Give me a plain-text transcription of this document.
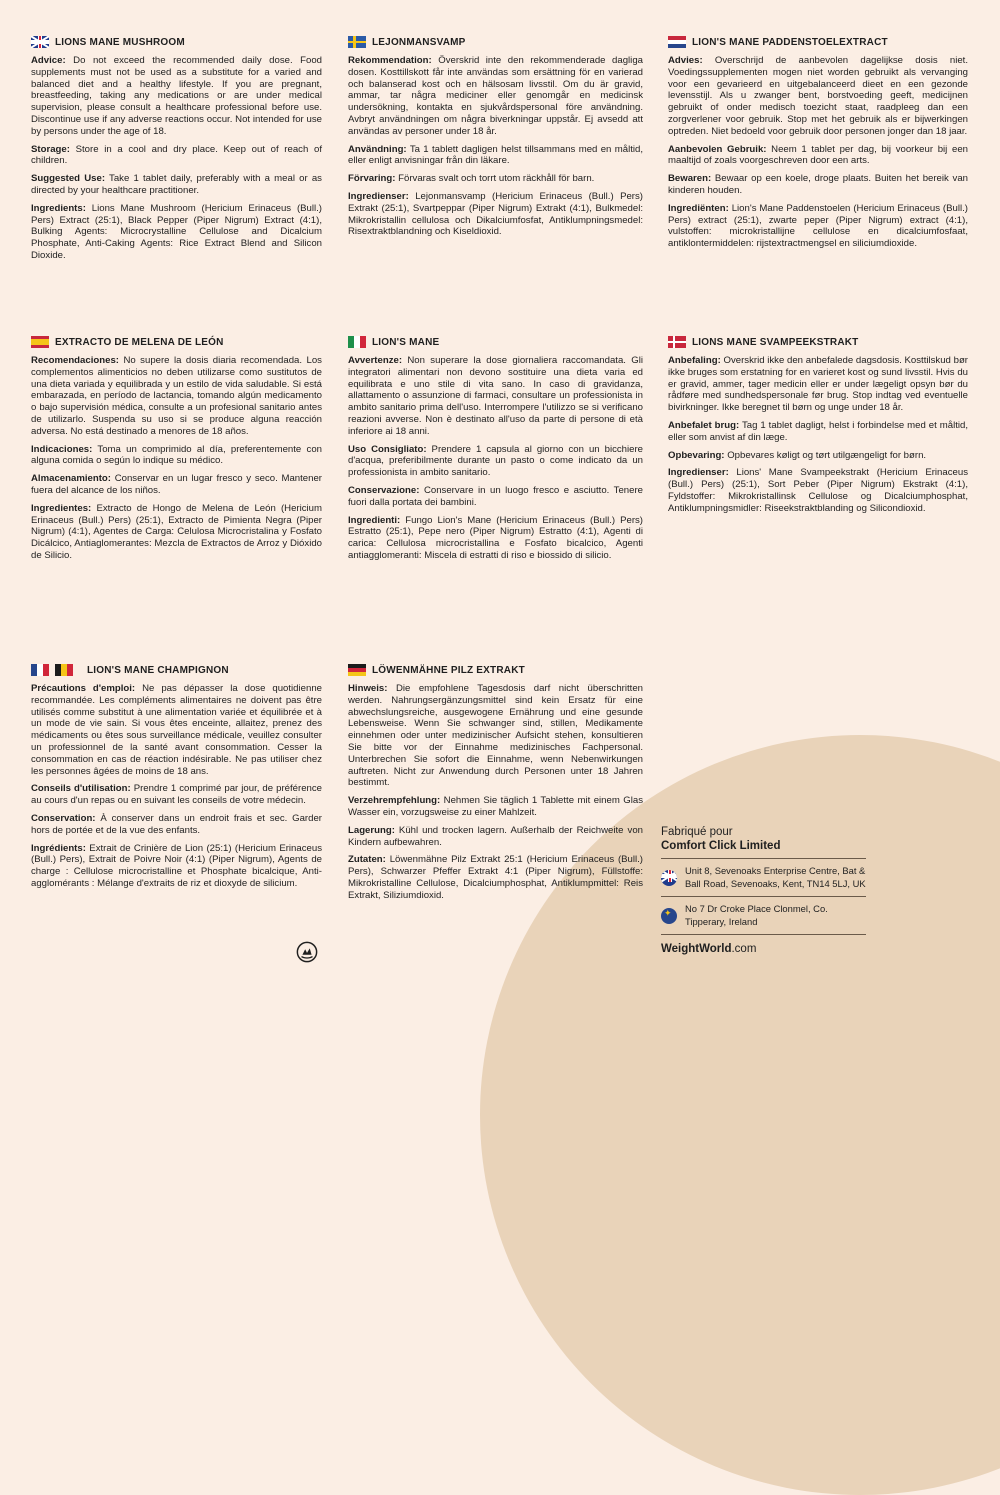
LIONS MANE MUSHROOM

Advice: Do not exceed the recommended daily dose. Food supplements must not be used as a substitute for a varied and balanced diet and a healthy lifestyle. If you are pregnant, breastfeeding, taking any medications or are under medical supervision, please consult a healthcare professional before use. Discontinue use if any adverse reactions occur. Not intended for use by persons under the age of 18.

Storage: Store in a cool and dry place. Keep out of reach of children.

Suggested Use: Take 1 tablet daily, preferably with a meal or as directed by your healthcare practitioner.

Ingredients: Lions Mane Mushroom (Hericium Erinaceus (Bull.) Pers) Extract (25:1), Black Pepper (Piper Nigrum) Extract (4:1), Bulking Agents: Microcrystalline Cellulose and Dicalcium Phosphate, Anti-Caking Agents: Rice Extract Blend and Silicon Dioxide.

LEJONMANSVAMP

Rekommendation: Överskrid inte den rekommenderade dagliga dosen. Kosttillskott får inte användas som ersättning för en varierad och balanserad kost och en hälsosam livsstil. Om du är gravid, ammar, tar några mediciner eller genomgår en medicinsk undersökning, kontakta en sjukvårdspersonal före användning. Avbryt användningen om några biverkningar uppstår. Ej avsedd att användas av personer under 18 år.

Användning: Ta 1 tablett dagligen helst tillsammans med en måltid, eller enligt anvisningar från din läkare.

Förvaring: Förvaras svalt och torrt utom räckhåll för barn.

Ingredienser: Lejonmansvamp (Hericium Erinaceus (Bull.) Pers) Extrakt (25:1), Svartpeppar (Piper Nigrum) Extrakt (4:1), Bulkmedel: Mikrokristallin cellulosa och Dikalciumfosfat, Antiklumpningsmedel: Risextraktblandning och Kiseldioxid.

LION'S MANE PADDENSTOELEXTRACT

Advies: Overschrijd de aanbevolen dagelijkse dosis niet. Voedingssupplementen mogen niet worden gebruikt als vervanging voor een gevarieerd en uitgebalanceerd dieet en een gezonde levensstijl. Als u zwanger bent, borstvoeding geeft, medicijnen gebruikt of onder medisch toezicht staat, raadpleeg dan een zorgverlener voor gebruik. Stop met het gebruik als er bijwerkingen optreden. Niet bedoeld voor gebruik door personen jonger dan 18 jaar.

Aanbevolen Gebruik: Neem 1 tablet per dag, bij voorkeur bij een maaltijd of zoals voorgeschreven door een arts.

Bewaren: Bewaar op een koele, droge plaats. Buiten het bereik van kinderen houden.

Ingrediënten: Lion's Mane Paddenstoelen (Hericium Erinaceus (Bull.) Pers) extract (25:1), zwarte peper (Piper Nigrum) extract (4:1), vulstoffen: microkristallijne cellulose en dicalciumfosfaat, antiklontermiddelen: rijstextractmengsel en siliciumdioxide.

EXTRACTO DE MELENA DE LEÓN

Recomendaciones: No supere la dosis diaria recomendada. Los complementos alimenticios no deben utilizarse como sustitutos de una dieta variada y equilibrada y un estilo de vida saludable. Si está embarazada, en período de lactancia, tomando algún medicamento o bajo supervisión médica, consulte a un profesional sanitario antes de utilizarlo. Suspenda su uso si se produce alguna reacción adversa. No está destinado a menores de 18 años.

Indicaciones: Toma un comprimido al día, preferentemente con alguna comida o según lo indique su médico.

Almacenamiento: Conservar en un lugar fresco y seco. Mantener fuera del alcance de los niños.

Ingredientes: Extracto de Hongo de Melena de León (Hericium Erinaceus (Bull.) Pers) (25:1), Extracto de Pimienta Negra (Piper Nigrum) (4:1), Agentes de Carga: Celulosa Microcristalina y Fosfato Dicálcico, Antiaglomerantes: Mezcla de Extractos de Arroz y Dióxido de Silicio.

LION'S MANE

Avvertenze: Non superare la dose giornaliera raccomandata. Gli integratori alimentari non devono sostituire una dieta varia ed equilibrata e uno stile di vita sano. In caso di gravidanza, allattamento o assunzione di farmaci, consultare un professionista in ambito sanitario prima dell'uso. Interrompere l'utilizzo se si verificano reazioni avverse. Non è destinato all'uso da parte di persone di età inferiore ai 18 anni.

Uso Consigliato: Prendere 1 capsula al giorno con un bicchiere d'acqua, preferibilmente durante un pasto o come indicato da un professionista in ambito sanitario.

Conservazione: Conservare in un luogo fresco e asciutto. Tenere fuori dalla portata dei bambini.

Ingredienti: Fungo Lion's Mane (Hericium Erinaceus (Bull.) Pers) Estratto (25:1), Pepe nero (Piper Nigrum) Estratto (4:1), Agenti di carica: Cellulosa microcristallina e Fosfato bicalcico, Agenti antiagglomeranti: Miscela di estratti di riso e biossido di silicio.

LIONS MANE SVAMPEEKSTRAKT

Anbefaling: Overskrid ikke den anbefalede dagsdosis. Kosttilskud bør ikke bruges som erstatning for en varieret kost og sund livsstil. Hvis du er gravid, ammer, tager medicin eller er under lægeligt opsyn bør du rådføre med sundhedspersonale før brug. Stop indtag ved eventuelle bivirkninger. Ikke beregnet til børn og unge under 18 år.

Anbefalet brug: Tag 1 tablet dagligt, helst i forbindelse med et måltid, eller som anvist af din læge.

Opbevaring: Opbevares køligt og tørt utilgængeligt for børn.

Ingredienser: Lions' Mane Svampeekstrakt (Hericium Erinaceus (Bull.) Pers) (25:1), Sort Peber (Piper Nigrum) Ekstrakt (4:1), Fyldstoffer: Mikrokristallinsk Cellulose og Dicalciumphosphat, Antiklumpningsmidler: Riseekstraktblanding og Silicondioxid.

LION'S MANE CHAMPIGNON

Précautions d'emploi: Ne pas dépasser la dose quotidienne recommandée. Les compléments alimentaires ne doivent pas être utilisés comme substitut à une alimentation variée et équilibrée et à un mode de vie sain. Si vous êtes enceinte, allaitez, prenez des médicaments ou êtes sous surveillance médicale, veuillez consulter un professionnel de la santé avant consommation. Cesser la consommation en cas de réaction indésirable. Ne pas utiliser chez les personnes âgées de moins de 18 ans.

Conseils d'utilisation: Prendre 1 comprimé par jour, de préférence au cours d'un repas ou en suivant les conseils de votre médecin.

Conservation: À conserver dans un endroit frais et sec. Garder hors de portée et de la vue des enfants.

Ingrédients: Extrait de Crinière de Lion (25:1) (Hericium Erinaceus (Bull.) Pers), Extrait de Poivre Noir (4:1) (Piper Nigrum), Agents de charge : Cellulose microcristalline et Phosphate bicalcique, Anti-agglomérants : Mélange d'extraits de riz et dioxyde de silicium.

LÖWENMÄHNE PILZ EXTRAKT

Hinweis: Die empfohlene Tagesdosis darf nicht überschritten werden. Nahrungsergänzungsmittel sind kein Ersatz für eine abwechslungsreiche, ausgewogene Ernährung und eine gesunde Lebensweise. Wenn Sie schwanger sind, stillen, Medikamente einnehmen oder unter medizinischer Aufsicht stehen, konsultieren Sie bitte vor der Einnahme medizinisches Fachpersonal. Unterbrechen Sie sofort die Einnahme, wenn Nebenwirkungen auftreten. Nicht zur Anwendung durch Personen unter 18 Jahren bestimmt.

Verzehrempfehlung: Nehmen Sie täglich 1 Tablette mit einem Glas Wasser ein, vorzugsweise zu einer Mahlzeit.

Lagerung: Kühl und trocken lagern. Außerhalb der Reichweite von Kindern aufbewahren.

Zutaten: Löwenmähne Pilz Extrakt 25:1 (Hericium Erinaceus (Bull.) Pers), Schwarzer Pfeffer Extrakt 4:1 (Piper Nigrum), Füllstoffe: Mikrokristalline Cellulose, Dicalciumphosphat, Antiklumpmittel: Reis Extrakt, Siliziumdioxid.

Fabriqué pour

Comfort Click Limited

Unit 8, Sevenoaks Enterprise Centre, Bat & Ball Road, Sevenoaks, Kent, TN14 5LJ, UK
✦
No 7 Dr Croke Place Clonmel, Co. Tipperary, Ireland
WeightWorld.com
